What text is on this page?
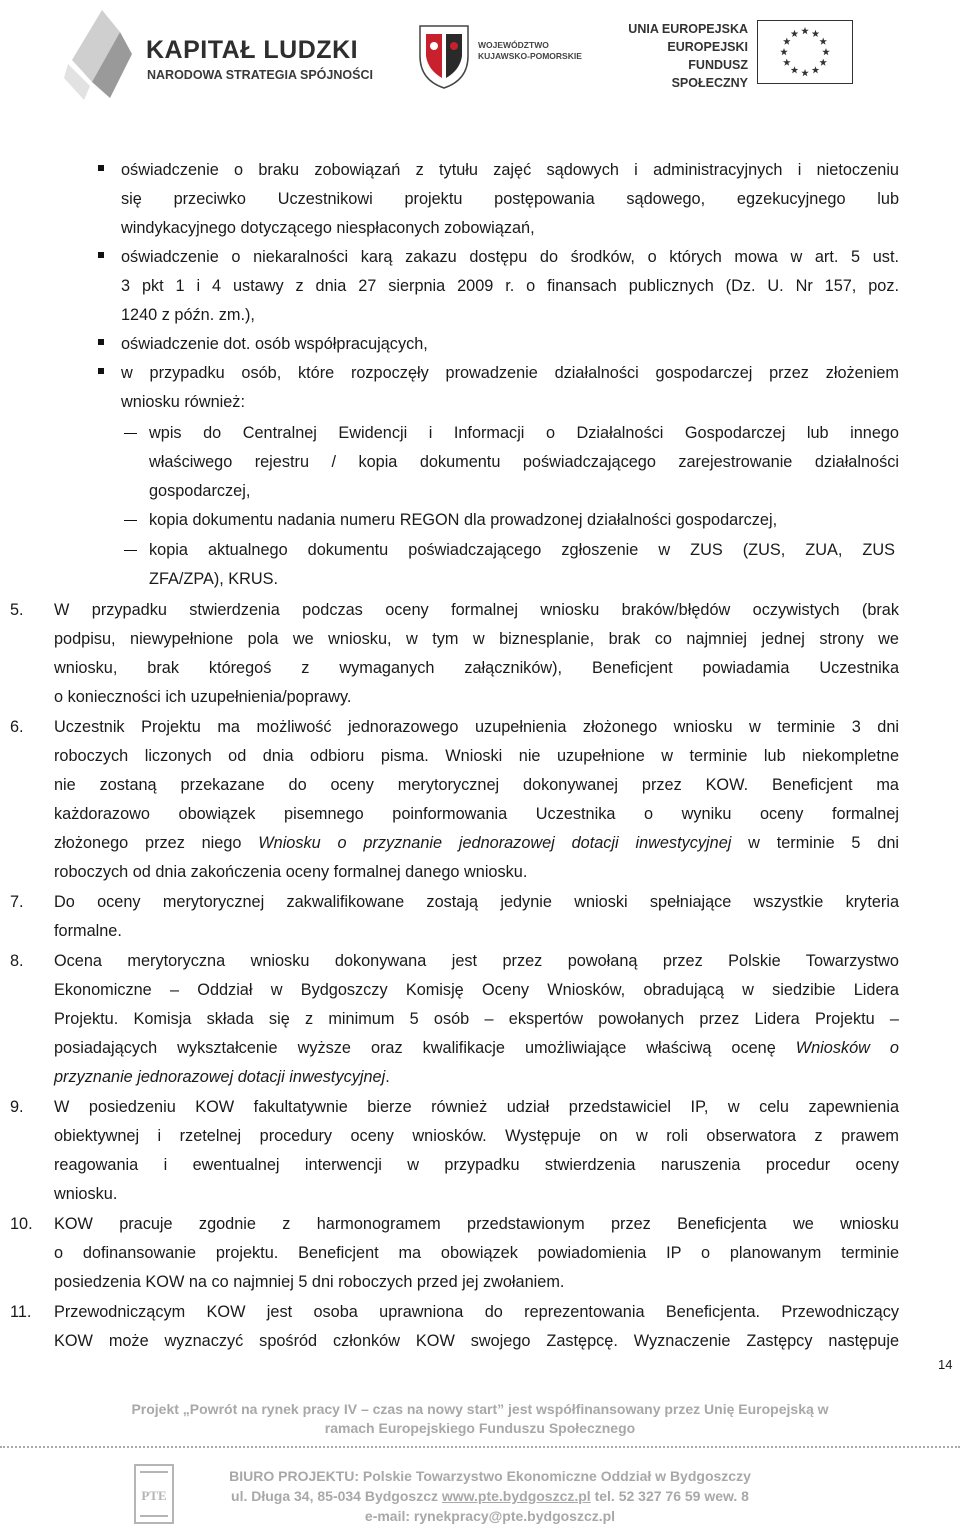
KAPITAŁ LUDZKI
NARODOWA STRATEGIA SPÓJNOŚCI
WOJEWÓDZTWO
KUJAWSKO-POMORSKIE
UNIA EUROPEJSKA
EUROPEJSKI
FUNDUSZ SPOŁECZNY
oświadczenie o braku zobowiązań z tytułu zajęć sądowych i administracyjnych i nietoczeniu
się przeciwko Uczestnikowi projektu postępowania sądowego, egzekucyjnego lub
windykacyjnego dotyczącego niespłaconych zobowiązań,
oświadczenie o niekaralności karą zakazu dostępu do środków, o których mowa w art. 5 ust.
3 pkt 1 i 4 ustawy z dnia 27 sierpnia 2009 r. o finansach publicznych (Dz. U. Nr 157, poz.
1240 z późn. zm.),
oświadczenie dot. osób współpracujących,
w przypadku osób, które rozpoczęły prowadzenie działalności gospodarczej przez złożeniem
wniosku również:
wpis do Centralnej Ewidencji i Informacji o Działalności Gospodarczej lub innego
właściwego rejestru / kopia dokumentu poświadczającego zarejestrowanie działalności
gospodarczej,
kopia dokumentu nadania numeru REGON dla prowadzonej działalności gospodarczej,
kopia aktualnego dokumentu poświadczającego zgłoszenie w ZUS (ZUS, ZUA, ZUS
ZFA/ZPA), KRUS.
5. W przypadku stwierdzenia podczas oceny formalnej wniosku braków/błędów oczywistych (brak
podpisu, niewypełnione pola we wniosku, w tym w biznesplanie, brak co najmniej jednej strony we
wniosku, brak któregoś z wymaganych załączników), Beneficjent powiadamia Uczestnika
o konieczności ich uzupełnienia/poprawy.
6. Uczestnik Projektu ma możliwość jednorazowego uzupełnienia złożonego wniosku w terminie 3 dni
roboczych liczonych od dnia odbioru pisma. Wnioski nie uzupełnione w terminie lub niekompletne
nie zostaną przekazane do oceny merytorycznej dokonywanej przez KOW. Beneficjent ma
każdorazowo obowiązek pisemnego poinformowania Uczestnika o wyniku oceny formalnej
złożonego przez niego Wniosku o przyznanie jednorazowej dotacji inwestycyjnej w terminie 5 dni
roboczych od dnia zakończenia oceny formalnej danego wniosku.
7. Do oceny merytorycznej zakwalifikowane zostają jedynie wnioski spełniające wszystkie kryteria
formalne.
8. Ocena merytoryczna wniosku dokonywana jest przez powołaną przez Polskie Towarzystwo
Ekonomiczne – Oddział w Bydgoszczy Komisję Oceny Wniosków, obradującą w siedzibie Lidera
Projektu. Komisja składa się z minimum 5 osób – ekspertów powołanych przez Lidera Projektu –
posiadających wykształcenie wyższe oraz kwalifikacje umożliwiające właściwą ocenę Wniosków o
przyznanie jednorazowej dotacji inwestycyjnej.
9. W posiedzeniu KOW fakultatywnie bierze również udział przedstawiciel IP, w celu zapewnienia
obiektywnej i rzetelnej procedury oceny wniosków. Występuje on w roli obserwatora z prawem
reagowania i ewentualnej interwencji w przypadku stwierdzenia naruszenia procedur oceny
wniosku.
10. KOW pracuje zgodnie z harmonogramem przedstawionym przez Beneficjenta we wniosku
o dofinansowanie projektu. Beneficjent ma obowiązek powiadomienia IP o planowanym terminie
posiedzenia KOW na co najmniej 5 dni roboczych przed jej zwołaniem.
11. Przewodniczącym KOW jest osoba uprawniona do reprezentowania Beneficjenta. Przewodniczący
KOW może wyznaczyć spośród członków KOW swojego Zastępcę. Wyznaczenie Zastępcy następuje
14
Projekt „Powrót na rynek pracy IV – czas na nowy start” jest współfinansowany przez Unię Europejską w
ramach Europejskiego Funduszu Społecznego
PTE
BIURO PROJEKTU: Polskie Towarzystwo Ekonomiczne Oddział w Bydgoszczy
ul. Długa 34, 85-034 Bydgoszcz www.pte.bydgoszcz.pl tel. 52 327 76 59 wew. 8
e-mail: rynekpracy@pte.bydgoszcz.pl
